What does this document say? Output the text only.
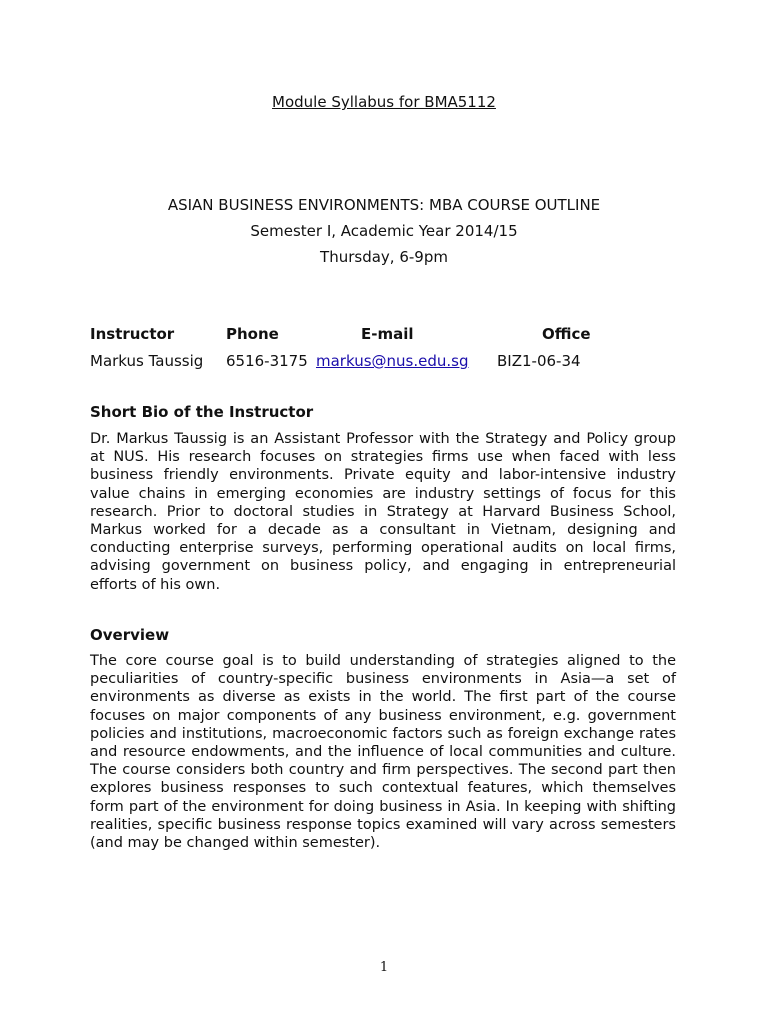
Module Syllabus for BMA5112
ASIAN BUSINESS ENVIRONMENTS: MBA COURSE OUTLINE
Semester I, Academic Year 2014/15
Thursday, 6-9pm
Instructor	Phone	E-mail	Office
Markus Taussig 6516-3175 markus@nus.edu.sg BIZ1-06-34
Short Bio of the Instructor

Dr. Markus Taussig is an Assistant Professor with the Strategy and Policy group at NUS. His research focuses on strategies firms use when faced with less business friendly environments. Private equity and labor-intensive industry value chains in emerging economies are industry settings of focus for this research. Prior to doctoral studies in Strategy at Harvard Business School, Markus worked for a decade as a consultant in Vietnam, designing and conducting enterprise surveys, performing operational audits on local firms, advising government on business policy, and engaging in entrepreneurial efforts of his own.

Overview

The core course goal is to build understanding of strategies aligned to the peculiarities of country-specific business environments in Asia—a set of environments as diverse as exists in the world. The first part of the course focuses on major components of any business environment, e.g. government policies and institutions, macroeconomic factors such as foreign exchange rates and resource endowments, and the influence of local communities and culture. The course considers both country and firm perspectives. The second part then explores business responses to such contextual features, which themselves form part of the environment for doing business in Asia. In keeping with shifting realities, specific business response topics examined will vary across semesters (and may be changed within semester).

1
